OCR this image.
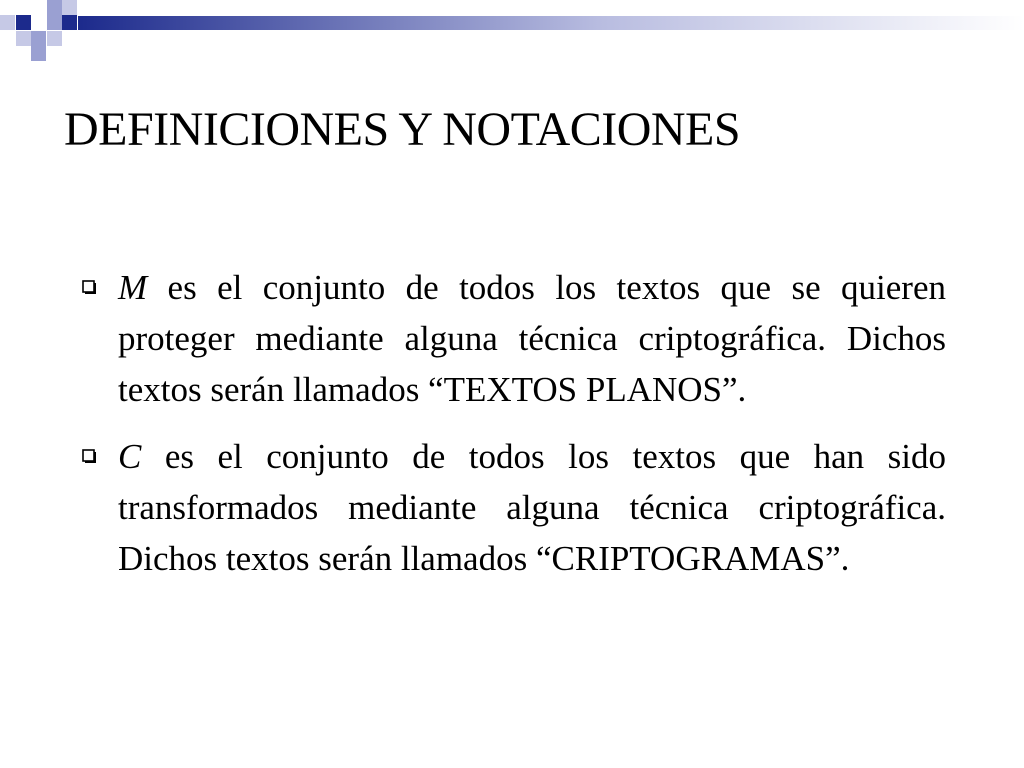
DEFINICIONES Y NOTACIONES
M es el conjunto de todos los textos que se quieren proteger mediante alguna técnica criptográfica. Dichos textos serán llamados “TEXTOS PLANOS”.
C es el conjunto de todos los textos que han sido transformados mediante alguna técnica criptográfica. Dichos textos serán llamados “CRIPTOGRAMAS”.
